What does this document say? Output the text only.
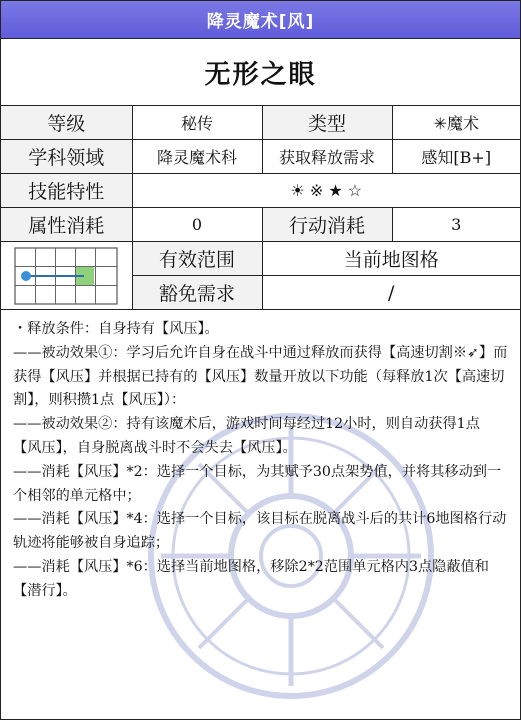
降灵魔术[风]
无形之眼
等级	秘传	类型	✳魔术
学科领域	降灵魔术科	获取释放需求	感知[B+]
技能特性	☀ ※ ★ ☆		
属性消耗	0	行动消耗	3

	有效范围	当前地图格	
	豁免需求	/	

・释放条件：自身持有【风压】。

——被动效果①：学习后允许自身在战斗中通过释放而获得【高速切割※➶】而获得【风压】并根据已持有的【风压】数量开放以下功能（每释放1次【高速切割】，则积攒1点【风压】）：

——被动效果②：持有该魔术后，游戏时间每经过12小时，则自动获得1点【风压】，自身脱离战斗时不会失去【风压】。

——消耗【风压】*2：选择一个目标，为其赋予30点架势值，并将其移动到一个相邻的单元格中；

——消耗【风压】*4：选择一个目标，该目标在脱离战斗后的共计6地图格行动轨迹将能够被自身追踪；

——消耗【风压】*6：选择当前地图格，移除2*2范围单元格内3点隐蔽值和【潜行】。
